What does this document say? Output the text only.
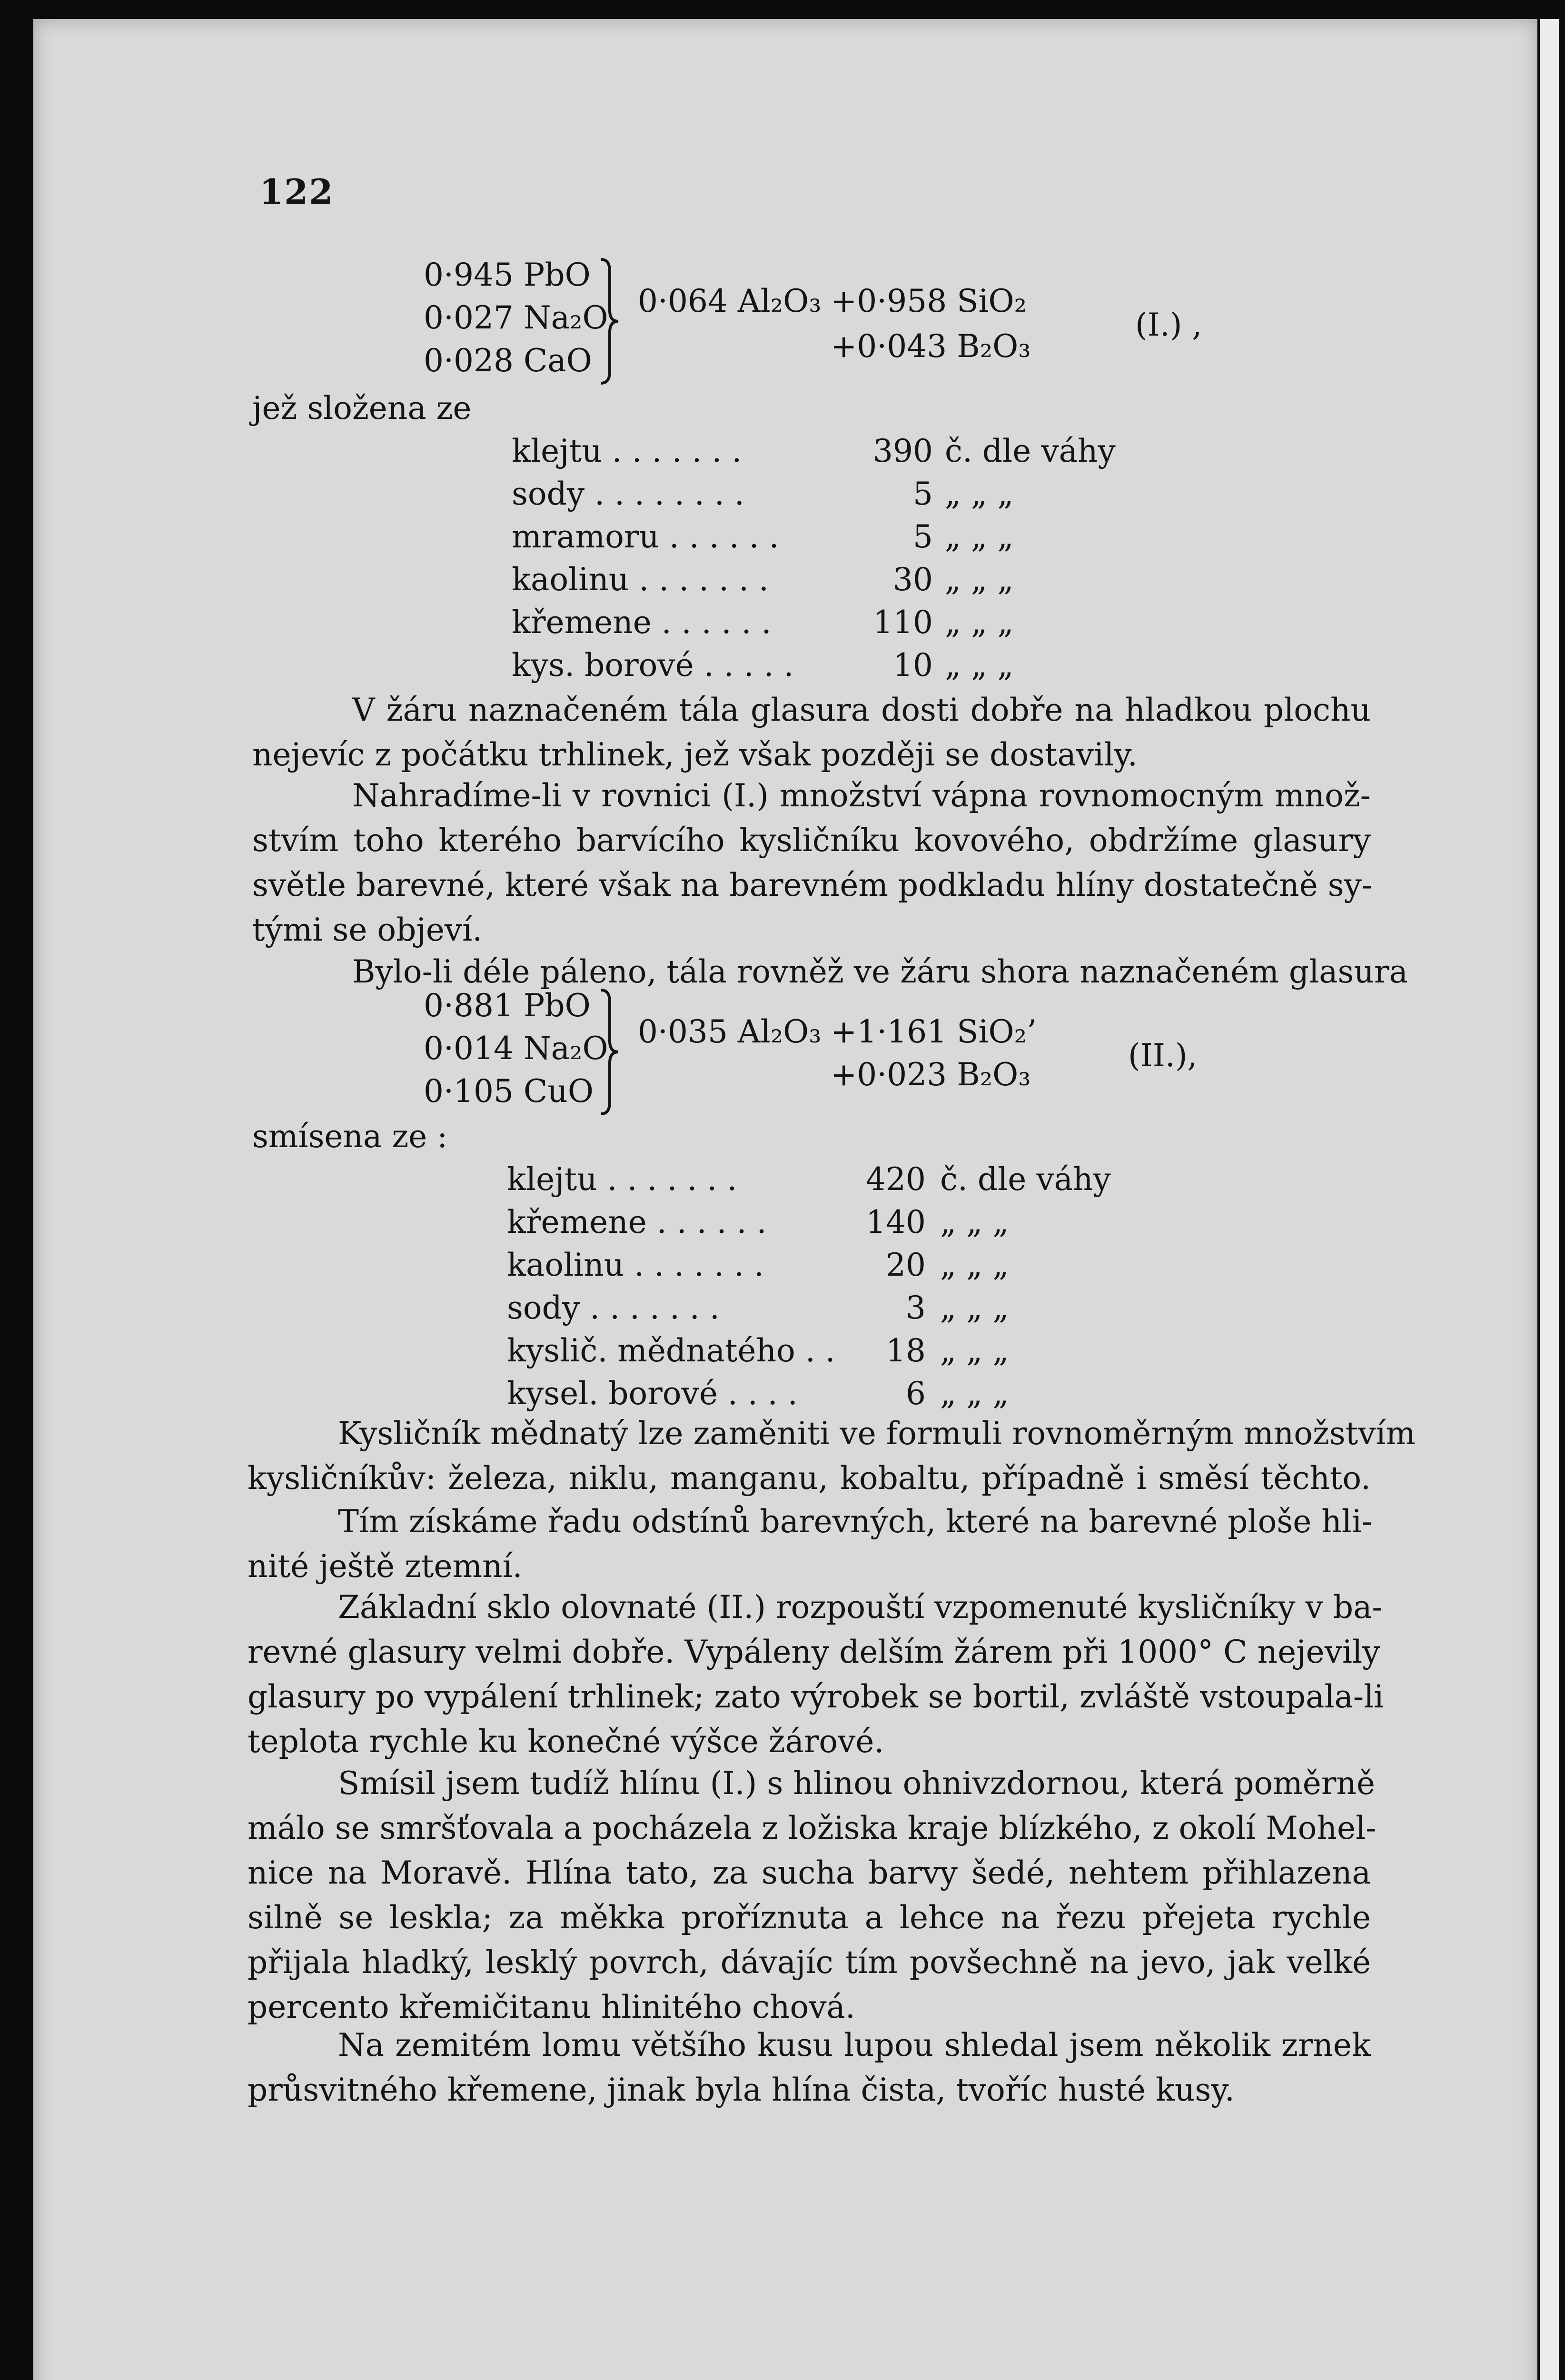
122
0·945 PbO
0·027 Na₂O
0·028 CaO
0·064 Al₂O₃ +0·958 SiO₂
+0·043 B₂O₃
(I.) ,
jež složena ze
klejtu . . . . . . .	390 č. dle váhy
sody . . . . . . . .	5 „ „ „
mramoru . . . . . .	5 „ „ „
kaolinu . . . . . . .	30 „ „ „
křemene . . . . . .	110 „ „ „
kys. borové . . . . .	10 „ „ „
V žáru naznačeném tála glasura dosti dobře na hladkou plochu
nejevíc z počátku trhlinek, jež však později se dostavily.
Nahradíme-li v rovnici (I.) množství vápna rovnomocným množ-
stvím toho kterého barvícího kysličníku kovového, obdržíme glasury
světle barevné, které však na barevném podkladu hlíny dostatečně sy-
tými se objeví.
Bylo-li déle páleno, tála rovněž ve žáru shora naznačeném glasura
0·881 PbO
0·014 Na₂O
0·105 CuO
0·035 Al₂O₃ +1·161 SiO₂’
+0·023 B₂O₃
(II.),
smísena ze :
klejtu . . . . . . .	420 č. dle váhy
křemene . . . . . .	140 „ „ „
kaolinu . . . . . . .	20 „ „ „
sody . . . . . . .	3 „ „ „
kyslič. mědnatého . .	18 „ „ „
kysel. borové . . . .	6 „ „ „
Kysličník mědnatý lze zaměniti ve formuli rovnoměrným množstvím
kysličníkův: železa, niklu, manganu, kobaltu, případně i směsí těchto.
Tím získáme řadu odstínů barevných, které na barevné ploše hli-
nité ještě ztemní.
Základní sklo olovnaté (II.) rozpouští vzpomenuté kysličníky v ba-
revné glasury velmi dobře. Vypáleny delším žárem při 1000° C nejevily
glasury po vypálení trhlinek; zato výrobek se bortil, zvláště vstoupala-li
teplota rychle ku konečné výšce žárové.
Smísil jsem tudíž hlínu (I.) s hlinou ohnivzdornou, která poměrně
málo se smršťovala a pocházela z ložiska kraje blízkého, z okolí Mohel-
nice na Moravě. Hlína tato, za sucha barvy šedé, nehtem přihlazena
silně se leskla; za měkka proříznuta a lehce na řezu přejeta rychle
přijala hladký, lesklý povrch, dávajíc tím povšechně na jevo, jak velké
percento křemičitanu hlinitého chová.
Na zemitém lomu většího kusu lupou shledal jsem několik zrnek
průsvitného křemene, jinak byla hlína čista, tvoříc husté kusy.
